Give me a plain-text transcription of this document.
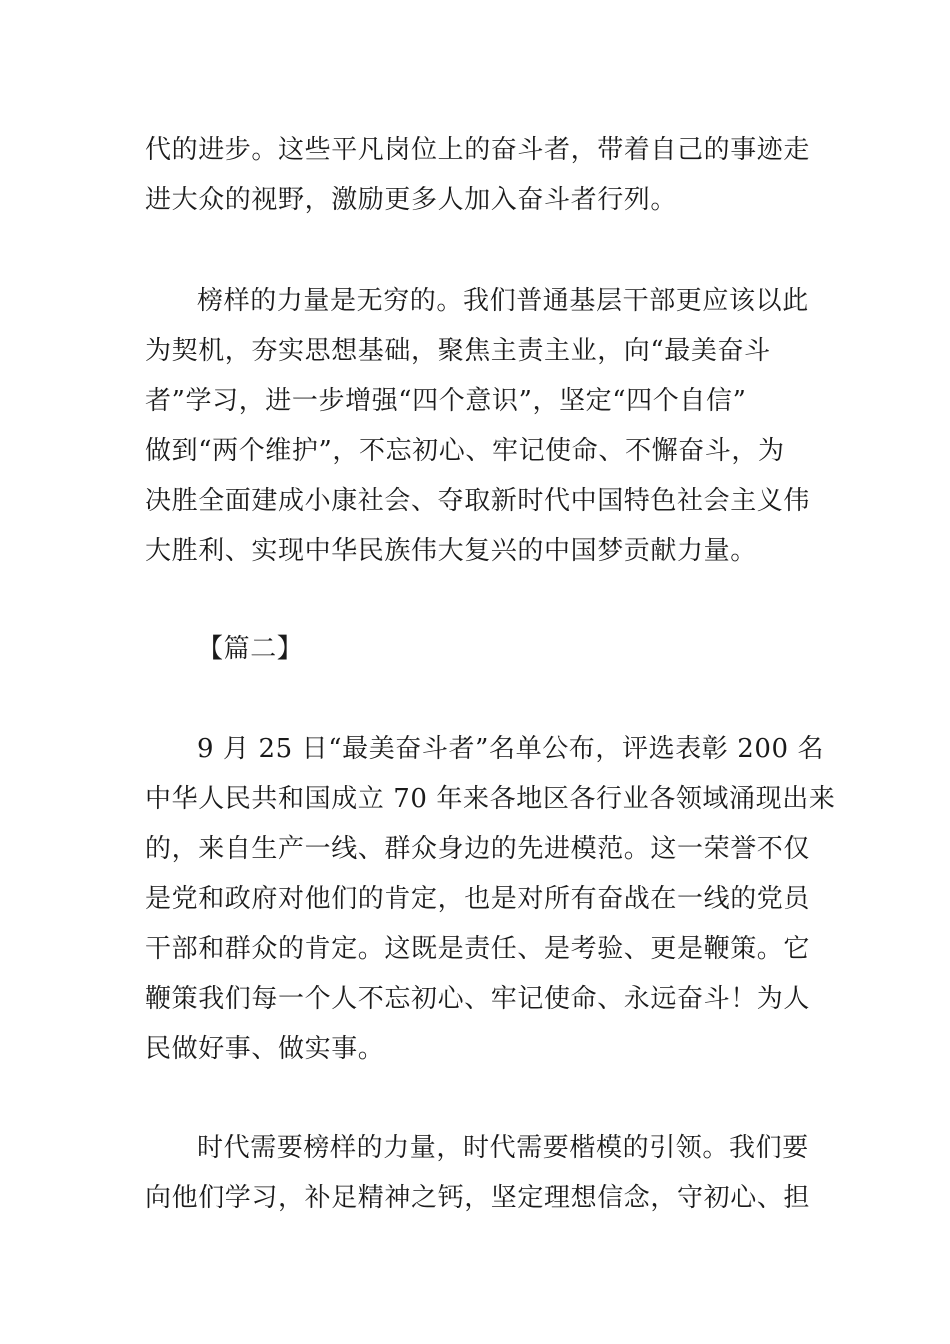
代的进步。这些平凡岗位上的奋斗者，带着自己的事迹走
进大众的视野，激励更多人加入奋斗者行列。
榜样的力量是无穷的。我们普通基层干部更应该以此
为契机，夯实思想基础，聚焦主责主业，向“最美奋斗
者”学习，进一步增强“四个意识”，坚定“四个自信”
做到“两个维护”，不忘初心、牢记使命、不懈奋斗，为
决胜全面建成小康社会、夺取新时代中国特色社会主义伟
大胜利、实现中华民族伟大复兴的中国梦贡献力量。
【篇二】
9 月 25 日“最美奋斗者”名单公布，评选表彰 200 名
中华人民共和国成立 70 年来各地区各行业各领域涌现出来
的，来自生产一线、群众身边的先进模范。这一荣誉不仅
是党和政府对他们的肯定，也是对所有奋战在一线的党员
干部和群众的肯定。这既是责任、是考验、更是鞭策。它
鞭策我们每一个人不忘初心、牢记使命、永远奋斗！为人
民做好事、做实事。
时代需要榜样的力量，时代需要楷模的引领。我们要
向他们学习，补足精神之钙，坚定理想信念，守初心、担
